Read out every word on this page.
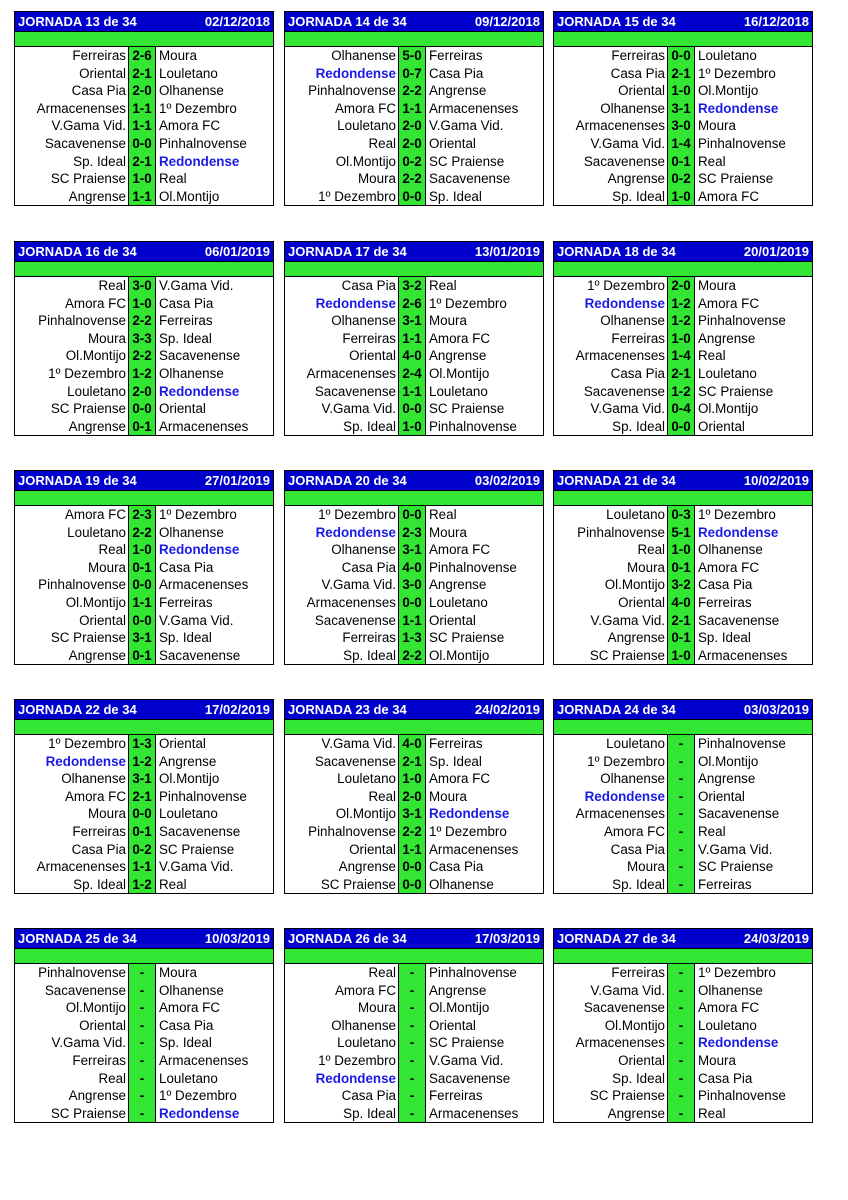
JORNADA 13 de 34	02/12/2018
Ferreiras 2-6 Moura
Oriental 2-1 Louletano
Casa Pia 2-0 Olhanense
Armacenenses 1-1 1º Dezembro
V.Gama Vid. 1-1 Amora FC
Sacavenense 0-0 Pinhalnovense
Sp. Ideal 2-1 Redondense
SC Praiense 1-0 Real
Angrense 1-1 Ol.Montijo
JORNADA 14 de 34	09/12/2018
Olhanense 5-0 Ferreiras
Redondense 0-7 Casa Pia
Pinhalnovense 2-2 Angrense
Amora FC 1-1 Armacenenses
Louletano 2-0 V.Gama Vid.
Real 2-0 Oriental
Ol.Montijo 0-2 SC Praiense
Moura 2-2 Sacavenense
1º Dezembro 0-0 Sp. Ideal
JORNADA 15 de 34	16/12/2018
Ferreiras 0-0 Louletano
Casa Pia 2-1 1º Dezembro
Oriental 1-0 Ol.Montijo
Olhanense 3-1 Redondense
Armacenenses 3-0 Moura
V.Gama Vid. 1-4 Pinhalnovense
Sacavenense 0-1 Real
Angrense 0-2 SC Praiense
Sp. Ideal 1-0 Amora FC
JORNADA 16 de 34	06/01/2019
Real 3-0 V.Gama Vid.
Amora FC 1-0 Casa Pia
Pinhalnovense 2-2 Ferreiras
Moura 3-3 Sp. Ideal
Ol.Montijo 2-2 Sacavenense
1º Dezembro 1-2 Olhanense
Louletano 2-0 Redondense
SC Praiense 0-0 Oriental
Angrense 0-1 Armacenenses
JORNADA 17 de 34	13/01/2019
Casa Pia 3-2 Real
Redondense 2-6 1º Dezembro
Olhanense 3-1 Moura
Ferreiras 1-1 Amora FC
Oriental 4-0 Angrense
Armacenenses 2-4 Ol.Montijo
Sacavenense 1-1 Louletano
V.Gama Vid. 0-0 SC Praiense
Sp. Ideal 1-0 Pinhalnovense
JORNADA 18 de 34	20/01/2019
1º Dezembro 2-0 Moura
Redondense 1-2 Amora FC
Olhanense 1-2 Pinhalnovense
Ferreiras 1-0 Angrense
Armacenenses 1-4 Real
Casa Pia 2-1 Louletano
Sacavenense 1-2 SC Praiense
V.Gama Vid. 0-4 Ol.Montijo
Sp. Ideal 0-0 Oriental
JORNADA 19 de 34	27/01/2019
Amora FC 2-3 1º Dezembro
Louletano 2-2 Olhanense
Real 1-0 Redondense
Moura 0-1 Casa Pia
Pinhalnovense 0-0 Armacenenses
Ol.Montijo 1-1 Ferreiras
Oriental 0-0 V.Gama Vid.
SC Praiense 3-1 Sp. Ideal
Angrense 0-1 Sacavenense
JORNADA 20 de 34	03/02/2019
1º Dezembro 0-0 Real
Redondense 2-3 Moura
Olhanense 3-1 Amora FC
Casa Pia 4-0 Pinhalnovense
V.Gama Vid. 3-0 Angrense
Armacenenses 0-0 Louletano
Sacavenense 1-1 Oriental
Ferreiras 1-3 SC Praiense
Sp. Ideal 2-2 Ol.Montijo
JORNADA 21 de 34	10/02/2019
Louletano 0-3 1º Dezembro
Pinhalnovense 5-1 Redondense
Real 1-0 Olhanense
Moura 0-1 Amora FC
Ol.Montijo 3-2 Casa Pia
Oriental 4-0 Ferreiras
V.Gama Vid. 2-1 Sacavenense
Angrense 0-1 Sp. Ideal
SC Praiense 1-0 Armacenenses
JORNADA 22 de 34	17/02/2019
1º Dezembro 1-3 Oriental
Redondense 1-2 Angrense
Olhanense 3-1 Ol.Montijo
Amora FC 2-1 Pinhalnovense
Moura 0-0 Louletano
Ferreiras 0-1 Sacavenense
Casa Pia 0-2 SC Praiense
Armacenenses 1-1 V.Gama Vid.
Sp. Ideal 1-2 Real
JORNADA 23 de 34	24/02/2019
V.Gama Vid. 4-0 Ferreiras
Sacavenense 2-1 Sp. Ideal
Louletano 1-0 Amora FC
Real 2-0 Moura
Ol.Montijo 3-1 Redondense
Pinhalnovense 2-2 1º Dezembro
Oriental 1-1 Armacenenses
Angrense 0-0 Casa Pia
SC Praiense 0-0 Olhanense
JORNADA 24 de 34	03/03/2019
Louletano	-	Pinhalnovense
1º Dezembro	-	Ol.Montijo
Olhanense	-	Angrense
Redondense	-	Oriental
Armacenenses	-	Sacavenense
Amora FC	-	Real
Casa Pia	-	V.Gama Vid.
Moura	-	SC Praiense
Sp. Ideal	-	Ferreiras
JORNADA 25 de 34	10/03/2019
Pinhalnovense	-	Moura
Sacavenense	-	Olhanense
Ol.Montijo	-	Amora FC
Oriental	-	Casa Pia
V.Gama Vid.	-	Sp. Ideal
Ferreiras	-	Armacenenses
Real	-	Louletano
Angrense	-	1º Dezembro
SC Praiense	-	Redondense
JORNADA 26 de 34	17/03/2019
Real	-	Pinhalnovense
Amora FC	-	Angrense
Moura	-	Ol.Montijo
Olhanense	-	Oriental
Louletano	-	SC Praiense
1º Dezembro	-	V.Gama Vid.
Redondense	-	Sacavenense
Casa Pia	-	Ferreiras
Sp. Ideal	-	Armacenenses
JORNADA 27 de 34	24/03/2019
Ferreiras	-	1º Dezembro
V.Gama Vid.	-	Olhanense
Sacavenense	-	Amora FC
Ol.Montijo	-	Louletano
Armacenenses	-	Redondense
Oriental	-	Moura
Sp. Ideal	-	Casa Pia
SC Praiense	-	Pinhalnovense
Angrense	-	Real
